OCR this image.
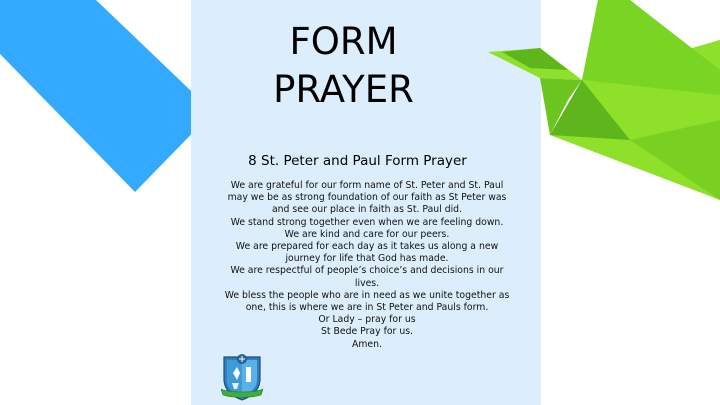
FORM
PRAYER
8 St. Peter and Paul Form Prayer
We are grateful for our form name of St. Peter and St. Paul
may we be as strong foundation of our faith as St Peter was
and see our place in faith as St. Paul did.
We stand strong together even when we are feeling down.
We are kind and care for our peers.
We are prepared for each day as it takes us along a new
journey for life that God has made.
We are respectful of people’s choice’s and decisions in our
lives.
We bless the people who are in need as we unite together as
one, this is where we are in St Peter and Pauls form.
Or Lady – pray for us
St Bede Pray for us.
Amen.
